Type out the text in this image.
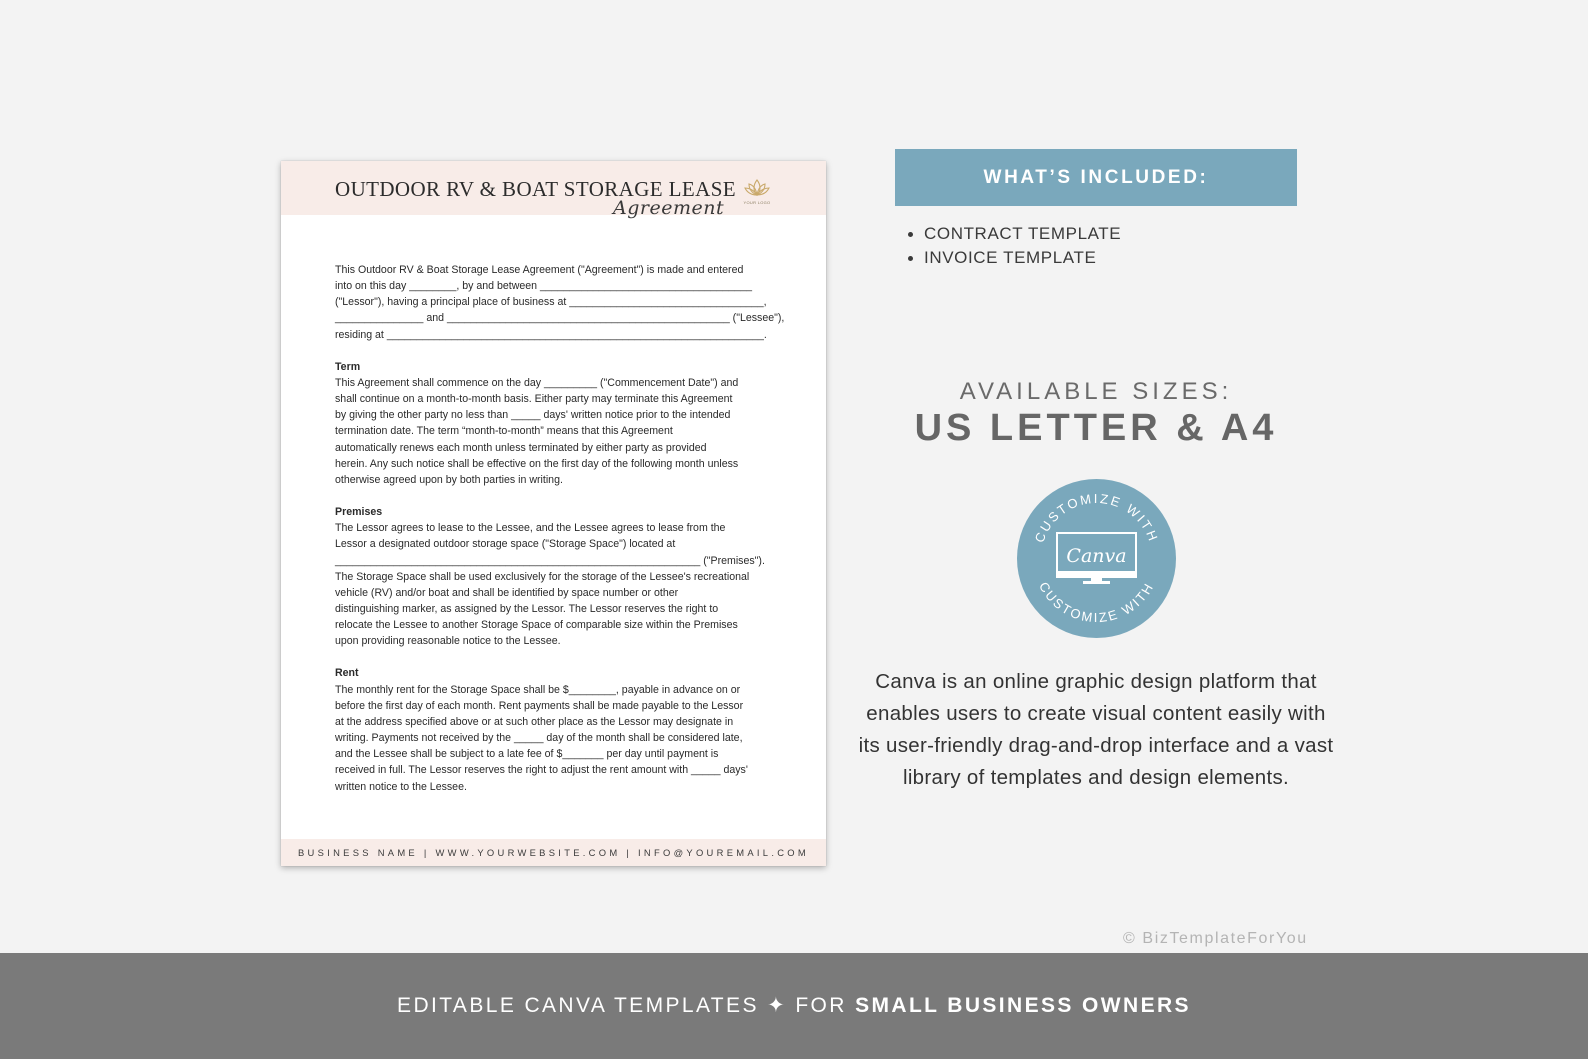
OUTDOOR RV & BOAT STORAGE LEASE
Agreement	YOUR LOGO

This Outdoor RV & Boat Storage Lease Agreement ("Agreement") is made and entered

into on this day ________, by and between ____________________________________

("Lessor"), having a principal place of business at _________________________________,

_______________ and ________________________________________________ ("Lessee"),

residing at ________________________________________________________________.

Term

This Agreement shall commence on the day _________ ("Commencement Date") and

shall continue on a month-to-month basis. Either party may terminate this Agreement

by giving the other party no less than _____ days' written notice prior to the intended

termination date. The term “month-to-month” means that this Agreement

automatically renews each month unless terminated by either party as provided

herein. Any such notice shall be effective on the first day of the following month unless

otherwise agreed upon by both parties in writing.

Premises

The Lessor agrees to lease to the Lessee, and the Lessee agrees to lease from the

Lessor a designated outdoor storage space ("Storage Space") located at

______________________________________________________________ ("Premises").

The Storage Space shall be used exclusively for the storage of the Lessee's recreational

vehicle (RV) and/or boat and shall be identified by space number or other

distinguishing marker, as assigned by the Lessor. The Lessor reserves the right to

relocate the Lessee to another Storage Space of comparable size within the Premises

upon providing reasonable notice to the Lessee.

Rent

The monthly rent for the Storage Space shall be $________, payable in advance on or

before the first day of each month. Rent payments shall be made payable to the Lessor

at the address specified above or at such other place as the Lessor may designate in

writing. Payments not received by the _____ day of the month shall be considered late,

and the Lessee shall be subject to a late fee of $_______ per day until payment is

received in full. The Lessor reserves the right to adjust the rent amount with _____ days'

written notice to the Lessee.

BUSINESS NAME | WWW.YOURWEBSITE.COM | INFO@YOUREMAIL.COM
WHAT’S INCLUDED:
CONTRACT TEMPLATE
INVOICE TEMPLATE
AVAILABLE SIZES:
US LETTER & A4
CUSTOMIZE WITH
CUSTOMIZE WITH
Canva
Canva is an online graphic design platform that enables users to create visual content easily with its user-friendly drag-and-drop interface and a vast library of templates and design elements.
© BizTemplateForYou
EDITABLE CANVA TEMPLATES ✦ FOR SMALL BUSINESS OWNERS
